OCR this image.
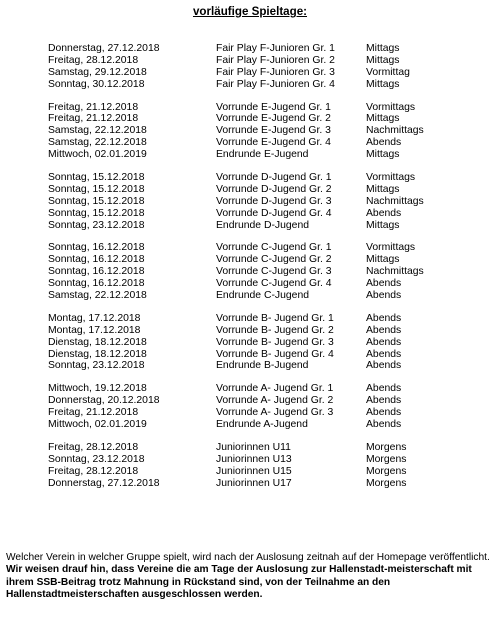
vorläufige Spieltage:
Donnerstag, 27.12.2018	Fair Play F-Junioren Gr. 1	Mittags
Freitag, 28.12.2018	Fair Play F-Junioren Gr. 2	Mittags
Samstag, 29.12.2018	Fair Play F-Junioren Gr. 3	Vormittag
Sonntag, 30.12.2018	Fair Play F-Junioren Gr. 4	Mittags
Freitag, 21.12.2018	Vorrunde E-Jugend Gr. 1	Vormittags
Freitag, 21.12.2018	Vorrunde E-Jugend Gr. 2	Mittags
Samstag, 22.12.2018	Vorrunde E-Jugend Gr. 3	Nachmittags
Samstag, 22.12.2018	Vorrunde E-Jugend Gr. 4	Abends
Mittwoch, 02.01.2019	Endrunde E-Jugend	Mittags
Sonntag, 15.12.2018	Vorrunde D-Jugend Gr. 1	Vormittags
Sonntag, 15.12.2018	Vorrunde D-Jugend Gr. 2	Mittags
Sonntag, 15.12.2018	Vorrunde D-Jugend Gr. 3	Nachmittags
Sonntag, 15.12.2018	Vorrunde D-Jugend Gr. 4	Abends
Sonntag, 23.12.2018	Endrunde D-Jugend	Mittags
Sonntag, 16.12.2018	Vorrunde C-Jugend Gr. 1	Vormittags
Sonntag, 16.12.2018	Vorrunde C-Jugend Gr. 2	Mittags
Sonntag, 16.12.2018	Vorrunde C-Jugend Gr. 3	Nachmittags
Sonntag, 16.12.2018	Vorrunde C-Jugend Gr. 4	Abends
Samstag, 22.12.2018	Endrunde C-Jugend	Abends
Montag, 17.12.2018	Vorrunde B- Jugend Gr. 1	Abends
Montag, 17.12.2018	Vorrunde B- Jugend Gr. 2	Abends
Dienstag, 18.12.2018	Vorrunde B- Jugend Gr. 3	Abends
Dienstag, 18.12.2018	Vorrunde B- Jugend Gr. 4	Abends
Sonntag, 23.12.2018	Endrunde B-Jugend	Abends
Mittwoch, 19.12.2018	Vorrunde A- Jugend Gr. 1	Abends
Donnerstag, 20.12.2018	Vorrunde A- Jugend Gr. 2	Abends
Freitag, 21.12.2018	Vorrunde A- Jugend Gr. 3	Abends
Mittwoch, 02.01.2019	Endrunde A-Jugend	Abends
Freitag, 28.12.2018	Juniorinnen U11	Morgens
Sonntag, 23.12.2018	Juniorinnen U13	Morgens
Freitag, 28.12.2018	Juniorinnen U15	Morgens
Donnerstag, 27.12.2018	Juniorinnen U17	Morgens

Welcher Verein in welcher Gruppe spielt, wird nach der Auslosung zeitnah auf der Homepage veröffentlicht.

Wir weisen drauf hin, dass Vereine die am Tage der Auslosung zur Hallenstadt-meisterschaft mit ihrem SSB-Beitrag trotz Mahnung in Rückstand sind, von der Teilnahme an den Hallenstadtmeisterschaften ausgeschlossen werden.
